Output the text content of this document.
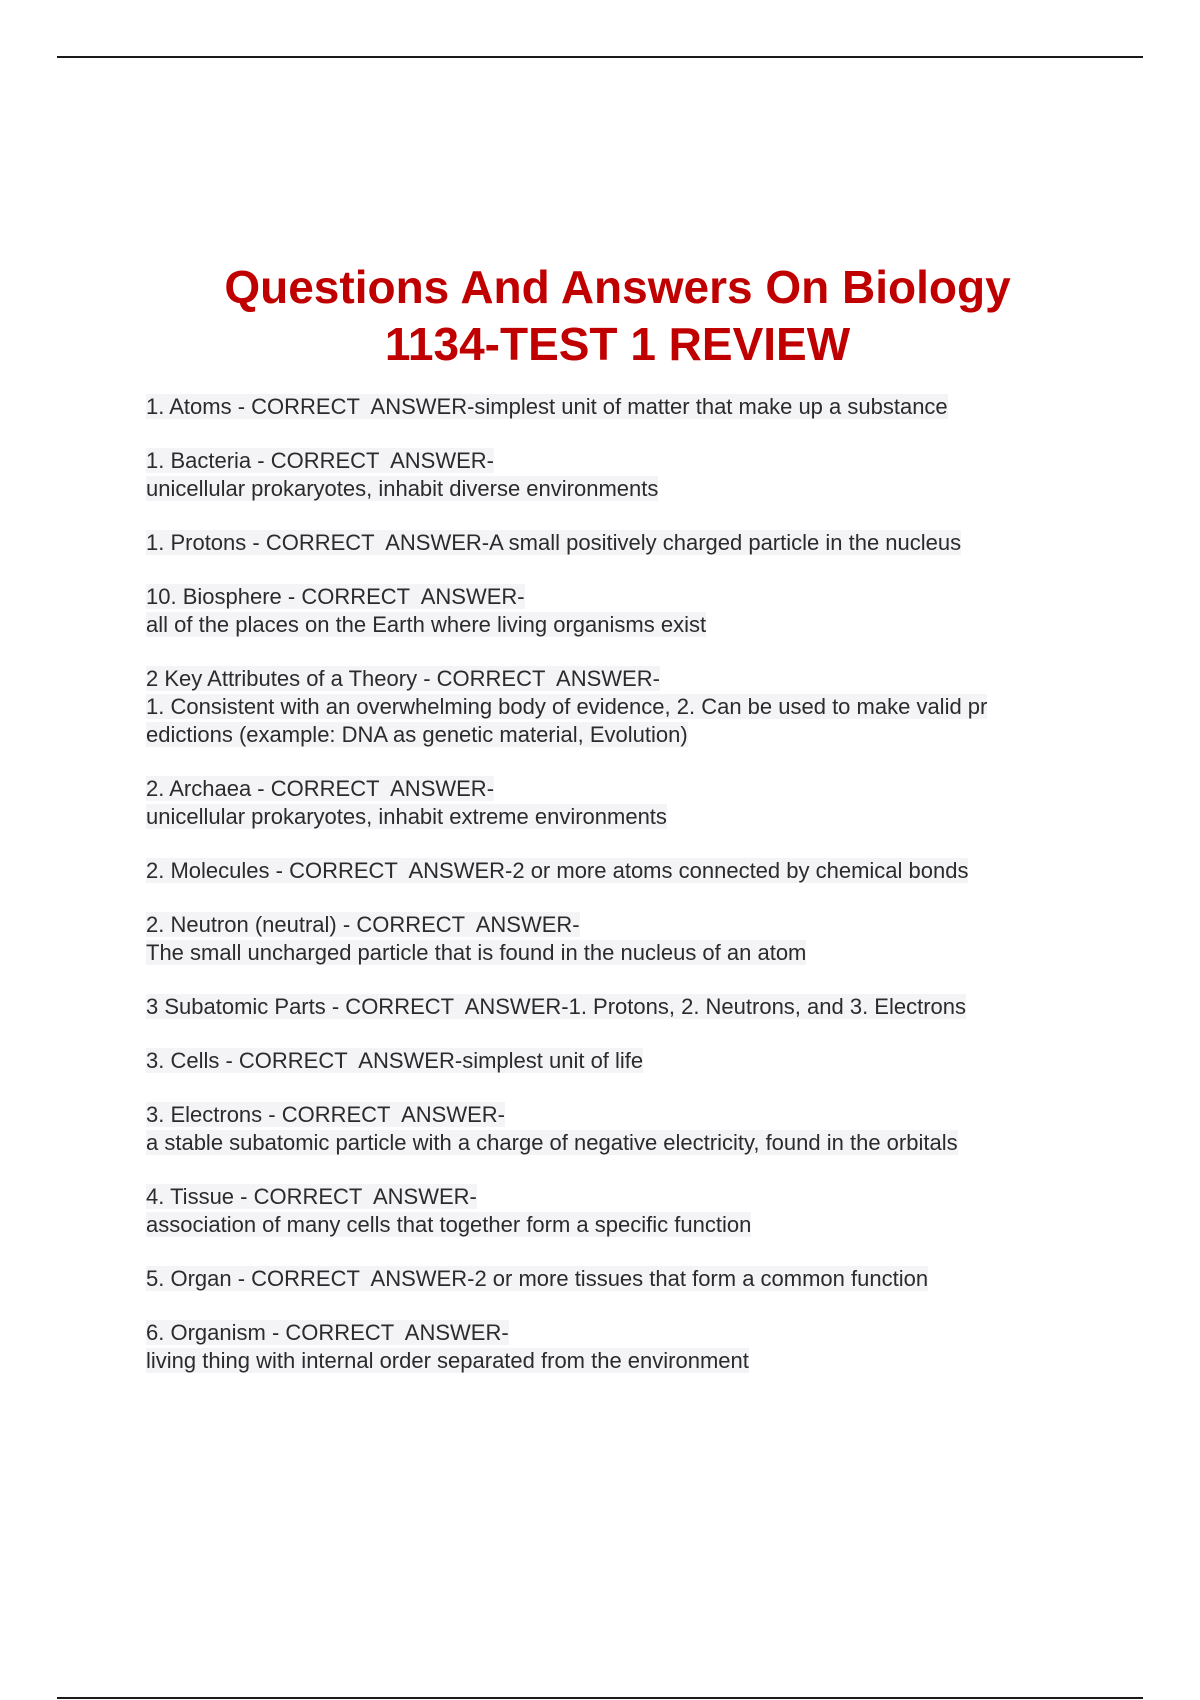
Questions And Answers On Biology
1134-TEST 1 REVIEW
1. Atoms - CORRECT  ANSWER-simplest unit of matter that make up a substance
1. Bacteria - CORRECT  ANSWER-
unicellular prokaryotes, inhabit diverse environments
1. Protons - CORRECT  ANSWER-A small positively charged particle in the nucleus
10. Biosphere - CORRECT  ANSWER-
all of the places on the Earth where living organisms exist
2 Key Attributes of a Theory - CORRECT  ANSWER-
1. Consistent with an overwhelming body of evidence, 2. Can be used to make valid pr
edictions (example: DNA as genetic material, Evolution)
2. Archaea - CORRECT  ANSWER-
unicellular prokaryotes, inhabit extreme environments
2. Molecules - CORRECT  ANSWER-2 or more atoms connected by chemical bonds
2. Neutron (neutral) - CORRECT  ANSWER-
The small uncharged particle that is found in the nucleus of an atom
3 Subatomic Parts - CORRECT  ANSWER-1. Protons, 2. Neutrons, and 3. Electrons
3. Cells - CORRECT  ANSWER-simplest unit of life
3. Electrons - CORRECT  ANSWER-
a stable subatomic particle with a charge of negative electricity, found in the orbitals
4. Tissue - CORRECT  ANSWER-
association of many cells that together form a specific function
5. Organ - CORRECT  ANSWER-2 or more tissues that form a common function
6. Organism - CORRECT  ANSWER-
living thing with internal order separated from the environment
